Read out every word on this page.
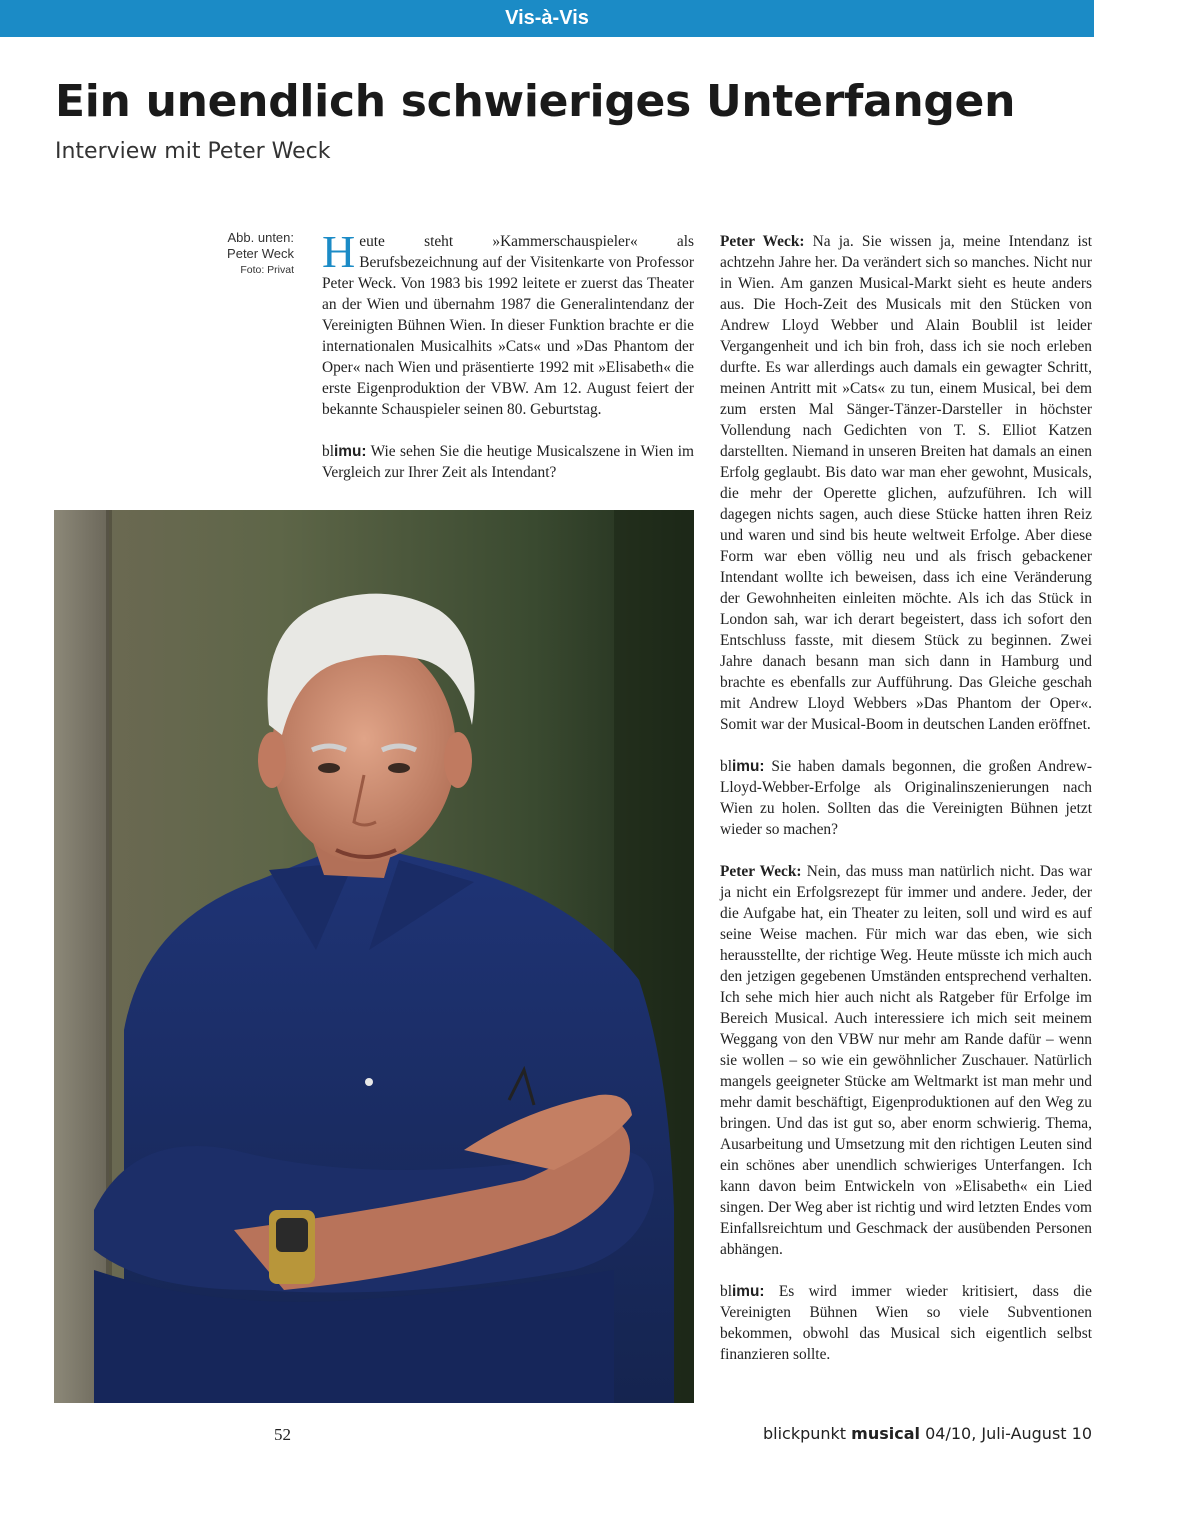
Vis-à-Vis
Ein unendlich schwieriges Unterfangen
Interview mit Peter Weck
Abb. unten:
Peter Weck

Foto: Privat Heute steht »Kammerschauspieler« als Berufsbezeichnung auf der Visitenkarte von Professor Peter Weck. Von 1983 bis 1992 leitete er zuerst das Theater an der Wien und übernahm 1987 die Generalintendanz der Vereinigten Bühnen Wien. In dieser Funktion brachte er die internationalen Musicalhits »Cats« und »Das Phantom der Oper« nach Wien und präsentierte 1992 mit »Elisabeth« die erste Eigenproduktion der VBW. Am 12. August feiert der bekannte Schauspieler seinen 80. Geburtstag.

blimu: Wie sehen Sie die heutige Musicalszene in Wien im Vergleich zur Ihrer Zeit als Intendant?

Peter Weck: Na ja. Sie wissen ja, meine Intendanz ist achtzehn Jahre her. Da verändert sich so manches. Nicht nur in Wien. Am ganzen Musical-Markt sieht es heute anders aus. Die Hoch-Zeit des Musicals mit den Stücken von Andrew Lloyd Webber und Alain Boublil ist leider Vergangenheit und ich bin froh, dass ich sie noch erleben durfte. Es war allerdings auch damals ein gewagter Schritt, meinen Antritt mit »Cats« zu tun, einem Musical, bei dem zum ersten Mal Sänger-Tänzer-Darsteller in höchster Vollendung nach Gedichten von T. S. Elliot Katzen darstellten. Niemand in unseren Breiten hat damals an einen Erfolg geglaubt. Bis dato war man eher gewohnt, Musicals, die mehr der Operette glichen, aufzuführen. Ich will dagegen nichts sagen, auch diese Stücke hatten ihren Reiz und waren und sind bis heute weltweit Erfolge. Aber diese Form war eben völlig neu und als frisch gebackener Intendant wollte ich beweisen, dass ich eine Veränderung der Gewohnheiten einleiten möchte. Als ich das Stück in London sah, war ich derart begeistert, dass ich sofort den Entschluss fasste, mit diesem Stück zu beginnen. Zwei Jahre danach besann man sich dann in Hamburg und brachte es ebenfalls zur Aufführung. Das Gleiche geschah mit Andrew Lloyd Webbers »Das Phantom der Oper«. Somit war der Musical-Boom in deutschen Landen eröffnet.

blimu: Sie haben damals begonnen, die großen Andrew-Lloyd-Webber-Erfolge als Originalinszenierungen nach Wien zu holen. Sollten das die Vereinigten Bühnen jetzt wieder so machen?

Peter Weck: Nein, das muss man natürlich nicht. Das war ja nicht ein Erfolgsrezept für immer und andere. Jeder, der die Aufgabe hat, ein Theater zu leiten, soll und wird es auf seine Weise machen. Für mich war das eben, wie sich herausstellte, der richtige Weg. Heute müsste ich mich auch den jetzigen gegebenen Umständen entsprechend verhalten. Ich sehe mich hier auch nicht als Ratgeber für Erfolge im Bereich Musical. Auch interessiere ich mich seit meinem Weggang von den VBW nur mehr am Rande dafür – wenn sie wollen – so wie ein gewöhnlicher Zuschauer. Natürlich mangels geeigneter Stücke am Weltmarkt ist man mehr und mehr damit beschäftigt, Eigenproduktionen auf den Weg zu bringen. Und das ist gut so, aber enorm schwierig. Thema, Ausarbeitung und Umsetzung mit den richtigen Leuten sind ein schönes aber unendlich schwieriges Unterfangen. Ich kann davon beim Entwickeln von »Elisabeth« ein Lied singen. Der Weg aber ist richtig und wird letzten Endes vom Einfallsreichtum und Geschmack der ausübenden Personen abhängen.

blimu: Es wird immer wieder kritisiert, dass die Vereinigten Bühnen Wien so viele Subventionen bekommen, obwohl das Musical sich eigentlich selbst finanzieren sollte.

52	blickpunkt musical 04/10, Juli-August 10
